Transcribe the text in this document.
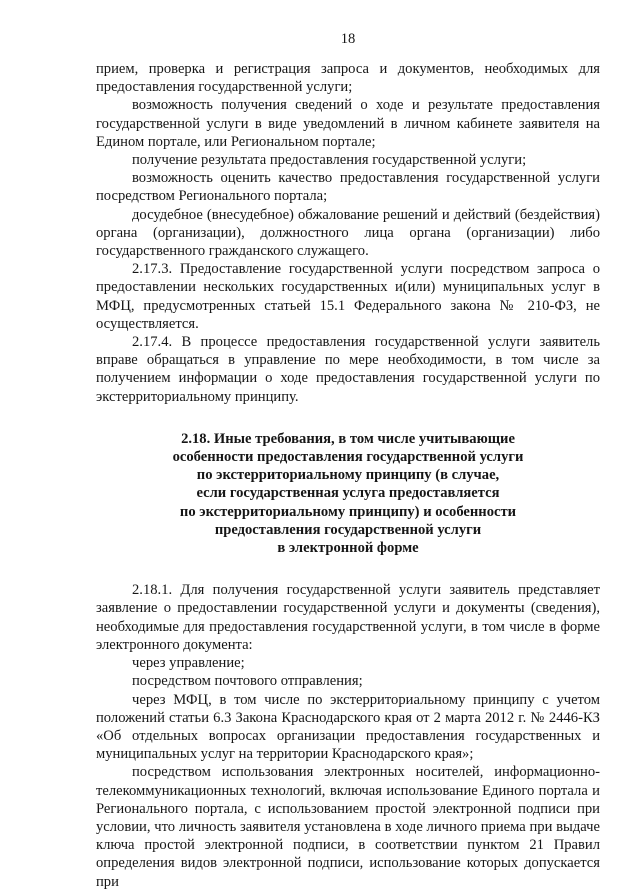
18

прием, проверка и регистрация запроса и документов, необходимых для предоставления государственной услуги;

возможность получения сведений о ходе и результате предоставления государственной услуги в виде уведомлений в личном кабинете заявителя на Едином портале, или Региональном портале;

получение результата предоставления государственной услуги;

возможность оценить качество предоставления государственной услуги посредством Регионального портала;

досудебное (внесудебное) обжалование решений и действий (бездействия) органа (организации), должностного лица органа (организации) либо государственного гражданского служащего.

2.17.3. Предоставление государственной услуги посредством запроса о предоставлении нескольких государственных и(или) муниципальных услуг в МФЦ, предусмотренных статьей 15.1 Федерального закона № 210-ФЗ, не осуществляется.

2.17.4. В процессе предоставления государственной услуги заявитель вправе обращаться в управление по мере необходимости, в том числе за получением информации о ходе предоставления государственной услуги по экстерриториальному принципу.

2.18. Иные требования, в том числе учитывающие
особенности предоставления государственной услуги
по экстерриториальному принципу (в случае,
если государственная услуга предоставляется
по экстерриториальному принципу) и особенности
предоставления государственной услуги
в электронной форме

2.18.1. Для получения государственной услуги заявитель представляет заявление о предоставлении государственной услуги и документы (сведения), необходимые для предоставления государственной услуги, в том числе в форме электронного документа:

через управление;

посредством почтового отправления;

через МФЦ, в том числе по экстерриториальному принципу с учетом положений статьи 6.3 Закона Краснодарского края от 2 марта 2012 г. № 2446-КЗ «Об отдельных вопросах организации предоставления государственных и муниципальных услуг на территории Краснодарского края»;

посредством использования электронных носителей, информационно-телекоммуникационных технологий, включая использование Единого портала и Регионального портала, с использованием простой электронной подписи при условии, что личность заявителя установлена в ходе личного приема при выдаче ключа простой электронной подписи, в соответствии пунктом 21 Правил определения видов электронной подписи, использование которых допускается при
